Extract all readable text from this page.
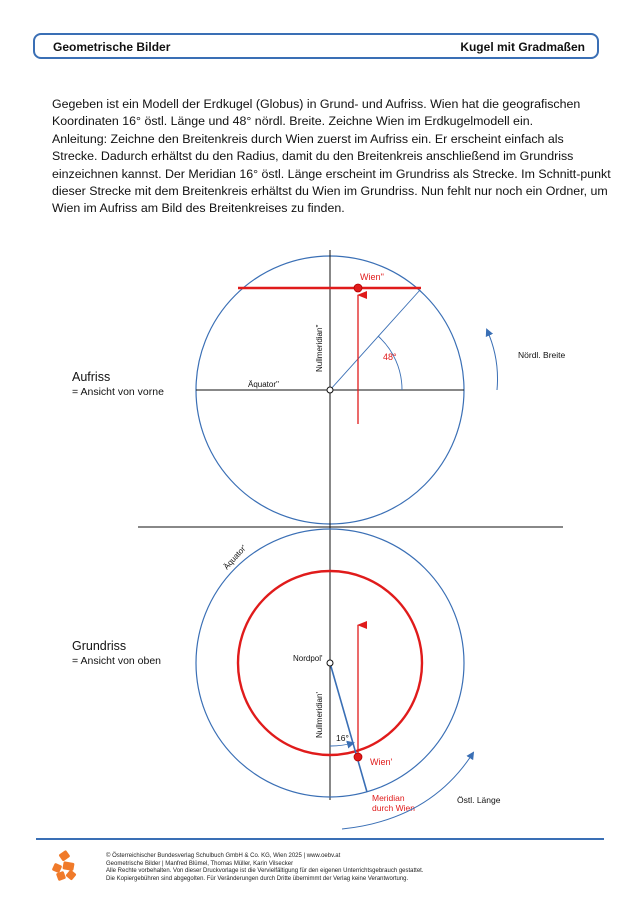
Geometrische Bilder	Kugel mit Gradmaßen

Gegeben ist ein Modell der Erdkugel (Globus) in Grund- und Aufriss. Wien hat die geografischen Koordinaten 16° östl. Länge und 48° nördl. Breite. Zeichne Wien im Erdkugelmodell ein.

Anleitung: Zeichne den Breitenkreis durch Wien zuerst im Aufriss ein. Er erscheint einfach als Strecke. Dadurch erhältst du den Radius, damit du den Breitenkreis anschließend im Grundriss einzeichnen kannst. Der Meridian 16° östl. Länge erscheint im Grundriss als Strecke. Im Schnitt-punkt dieser Strecke mit dem Breitenkreis erhältst du Wien im Grundriss. Nun fehlt nur noch ein Ordner, um Wien im Aufriss am Bild des Breitenkreises zu finden.

Wien''
48°
Äquator''
Nullmeridian''	Nördl. Breite
Nordpol'
16°
Wien'
Meridian
durch Wien
Nullmeridian'
Äquator'
Östl. Länge
Aufriss
= Ansicht von vorne
Grundriss
= Ansicht von oben
© Österreichischer Bundesverlag Schulbuch GmbH & Co. KG, Wien 2025 | www.oebv.at
Geometrische Bilder | Manfred Blümel, Thomas Müller, Karin Vilsecker
Alle Rechte vorbehalten. Von dieser Druckvorlage ist die Vervielfältigung für den eigenen Unterrichtsgebrauch gestattet.
Die Kopiergebühren sind abgegolten. Für Veränderungen durch Dritte übernimmt der Verlag keine Verantwortung.
